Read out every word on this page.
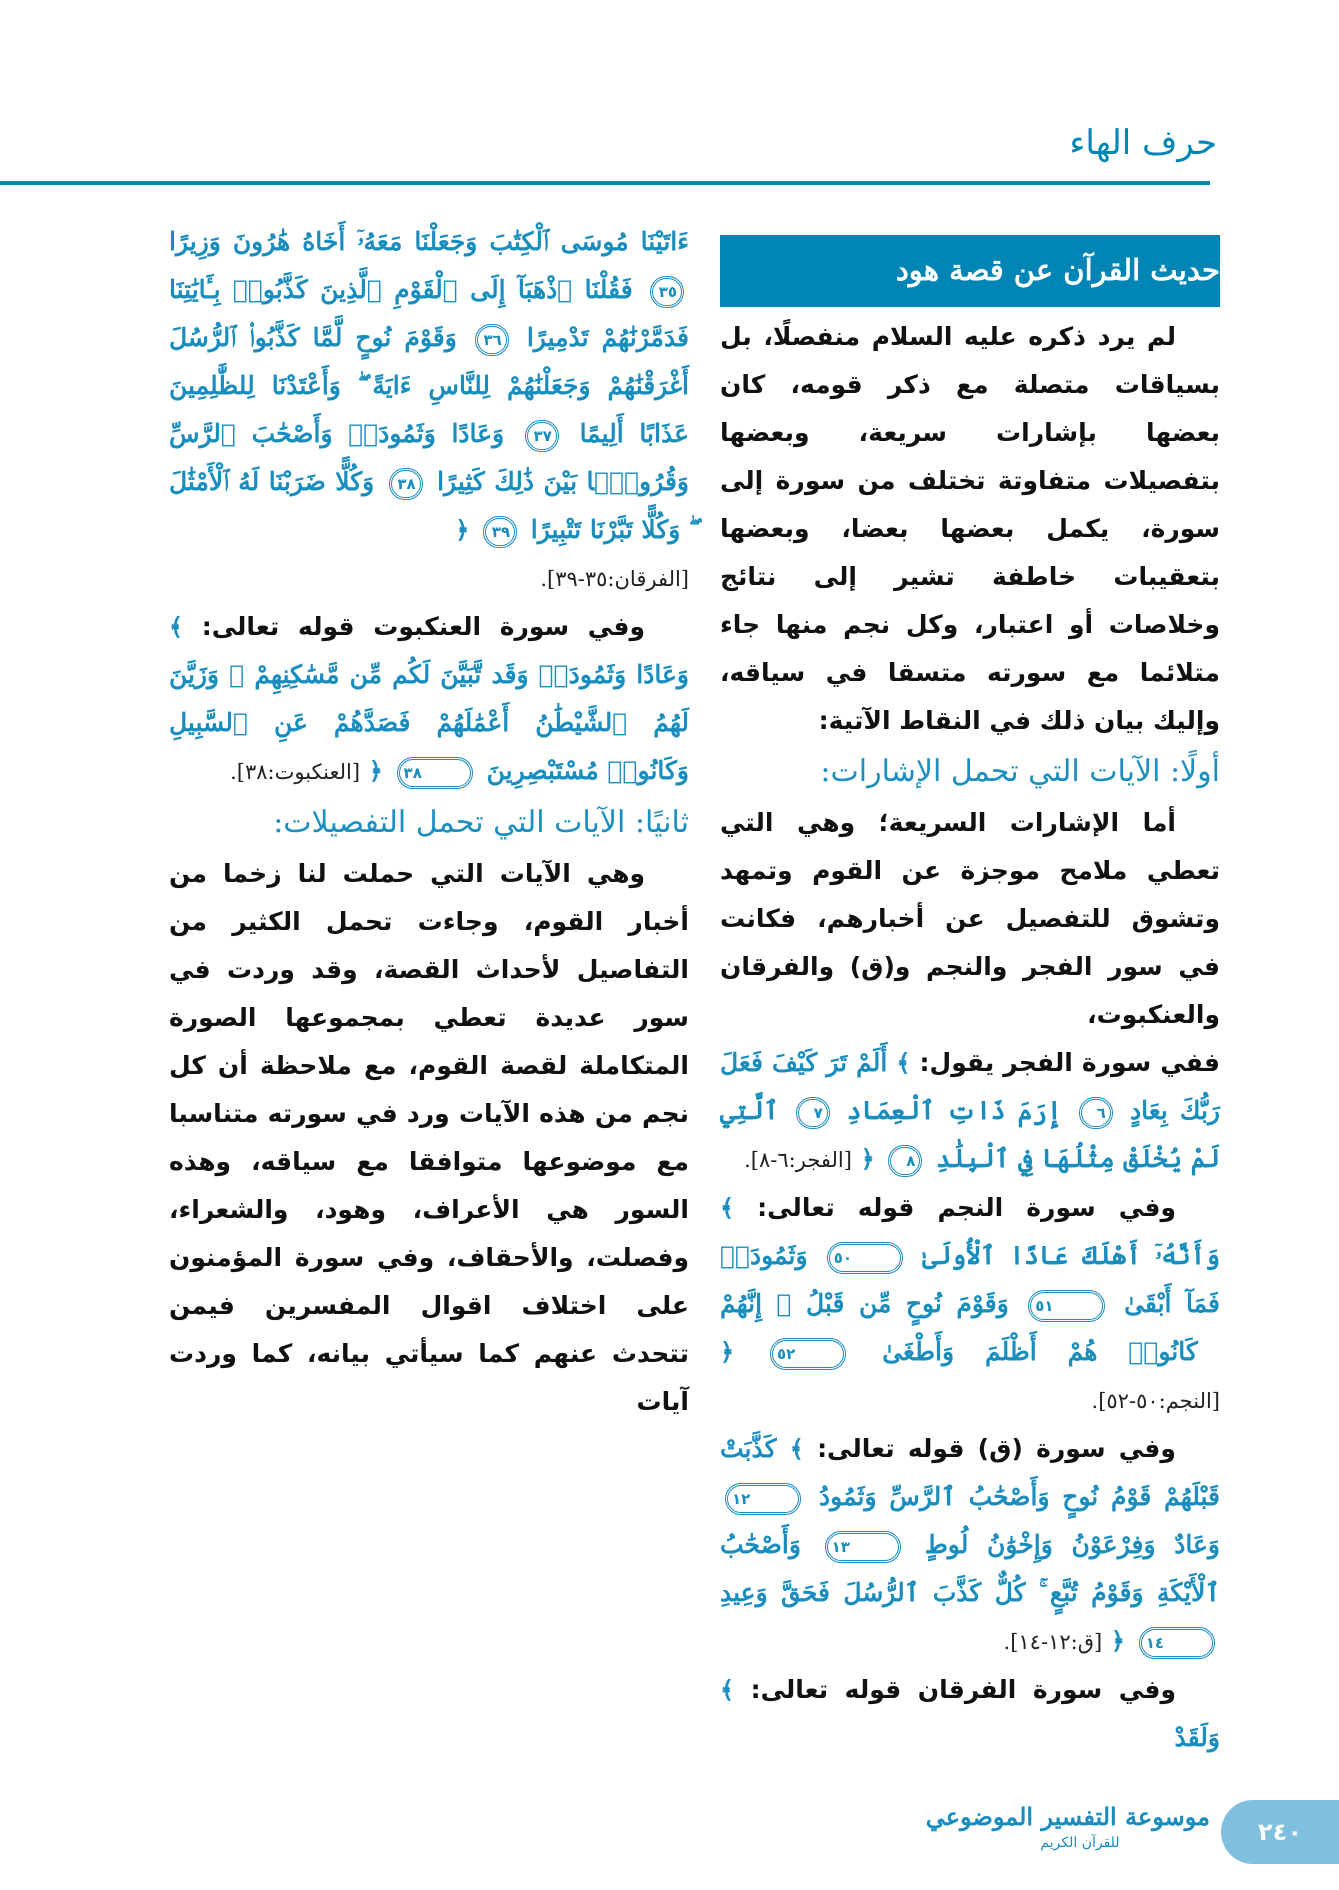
حرف الهاء
حديث القرآن عن قصة هود

لم يرد ذكره عليه السلام منفصلًا، بل بسياقات متصلة مع ذكر قومه، كان بعضها بإشارات سريعة، وبعضها بتفصيلات متفاوتة تختلف من سورة إلى سورة، يكمل بعضها بعضا، وبعضها بتعقيبات خاطفة تشير إلى نتائج وخلاصات أو اعتبار، وكل نجم منها جاء متلائما مع سورته متسقا في سياقه، وإليك بيان ذلك في النقاط الآتية:

أولًا: الآيات التي تحمل الإشارات:

أما الإشارات السريعة؛ وهي التي تعطي ملامح موجزة عن القوم وتمهد وتشوق للتفصيل عن أخبارهم، فكانت في سور الفجر والنجم و(ق) والفرقان والعنكبوت،

ففي سورة الفجر يقول: ﴾ أَلَمْ تَرَ كَيْفَ فَعَلَ رَبُّكَ بِعَادٍ ٦ إِرَمَ ذَاتِ ٱلْعِمَادِ ٧ ٱلَّتِي لَمْ يُخْلَقْ مِثْلُهَا فِي ٱلْبِلَٰدِ ٨ ﴿ [الفجر:٦-٨].

وفي سورة النجم قوله تعالى: ﴾ وَأَنَّهُۥٓ أَهْلَكَ عَادًا ٱلْأُولَىٰ ٥٠ وَثَمُودَا۟ فَمَآ أَبْقَىٰ ٥١ وَقَوْمَ نُوحٍ مِّن قَبْلُ ۖ إِنَّهُمْ كَانُوا۟ هُمْ أَظْلَمَ وَأَطْغَىٰ ٥٢ ﴿ [النجم:٥٠-٥٢].

وفي سورة (ق) قوله تعالى: ﴾ كَذَّبَتْ قَبْلَهُمْ قَوْمُ نُوحٍ وَأَصْحَٰبُ ٱلرَّسِّ وَثَمُودُ ١٢ وَعَادٌ وَفِرْعَوْنُ وَإِخْوَٰنُ لُوطٍ ١٣ وَأَصْحَٰبُ ٱلْأَيْكَةِ وَقَوْمُ تُبَّعٍ ۚ كُلٌّ كَذَّبَ ٱلرُّسُلَ فَحَقَّ وَعِيدِ ١٤ ﴿ [ق:١٢-١٤].

وفي سورة الفرقان قوله تعالى: ﴾ وَلَقَدْ

ءَاتَيْنَا مُوسَى ٱلْكِتَٰبَ وَجَعَلْنَا مَعَهُۥٓ أَخَاهُ هَٰرُونَ وَزِيرًا ٣٥ فَقُلْنَا ٱذْهَبَآ إِلَى ٱلْقَوْمِ ٱلَّذِينَ كَذَّبُوا۟ بِـَٔايَٰتِنَا فَدَمَّرْنَٰهُمْ تَدْمِيرًا ٣٦ وَقَوْمَ نُوحٍ لَّمَّا كَذَّبُوا۟ ٱلرُّسُلَ أَغْرَقْنَٰهُمْ وَجَعَلْنَٰهُمْ لِلنَّاسِ ءَايَةً ۖ وَأَعْتَدْنَا لِلظَّٰلِمِينَ عَذَابًا أَلِيمًا ٣٧ وَعَادًا وَثَمُودَا۟ وَأَصْحَٰبَ ٱلرَّسِّ وَقُرُونًۢا بَيْنَ ذَٰلِكَ كَثِيرًا ٣٨ وَكُلًّا ضَرَبْنَا لَهُ ٱلْأَمْثَٰلَ ۖ وَكُلًّا تَبَّرْنَا تَتْبِيرًا ٣٩ ﴿

[الفرقان:٣٥-٣٩].

وفي سورة العنكبوت قوله تعالى: ﴾ وَعَادًا وَثَمُودَا۟ وَقَد تَّبَيَّنَ لَكُم مِّن مَّسَٰكِنِهِمْ ۖ وَزَيَّنَ لَهُمُ ٱلشَّيْطَٰنُ أَعْمَٰلَهُمْ فَصَدَّهُمْ عَنِ ٱلسَّبِيلِ وَكَانُوا۟ مُسْتَبْصِرِينَ ٣٨ ﴿ [العنكبوت:٣٨].

ثانيًا: الآيات التي تحمل التفصيلات:

وهي الآيات التي حملت لنا زخما من أخبار القوم، وجاءت تحمل الكثير من التفاصيل لأحداث القصة، وقد وردت في سور عديدة تعطي بمجموعها الصورة المتكاملة لقصة القوم، مع ملاحظة أن كل نجم من هذه الآيات ورد في سورته متناسبا مع موضوعها متوافقا مع سياقه، وهذه السور هي الأعراف، وهود، والشعراء، وفصلت، والأحقاف، وفي سورة المؤمنون على اختلاف اقوال المفسرين فيمن تتحدث عنهم كما سيأتي بيانه، كما وردت آيات

موسوعة التفسير الموضوعي
للقرآن الكريم	٢٤٠
